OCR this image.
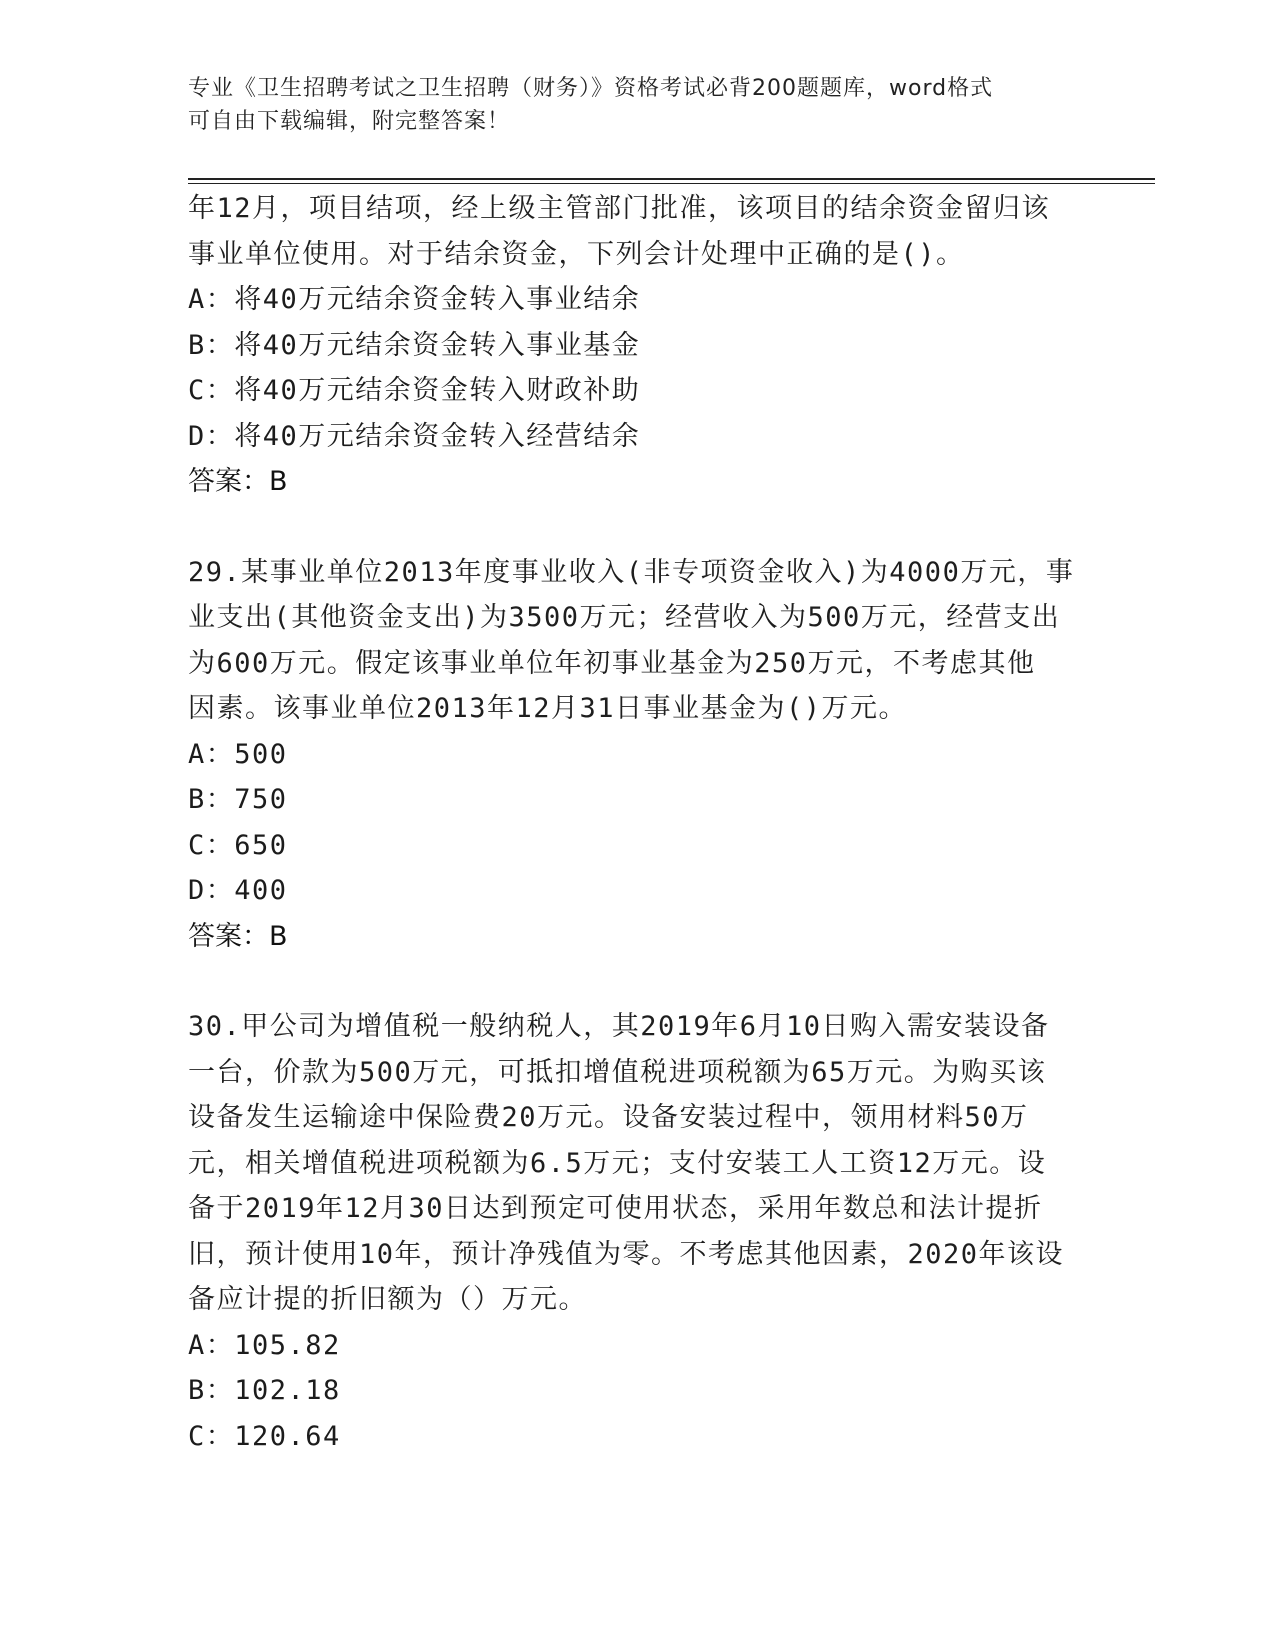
专业《卫生招聘考试之卫生招聘（财务）》资格考试必背200题题库，word格式
可自由下载编辑，附完整答案！
年12月，项目结项，经上级主管部门批准，该项目的结余资金留归该
事业单位使用。对于结余资金，下列会计处理中正确的是()。
A：将40万元结余资金转入事业结余
B：将40万元结余资金转入事业基金
C：将40万元结余资金转入财政补助
D：将40万元结余资金转入经营结余
答案：B
29.某事业单位2013年度事业收入(非专项资金收入)为4000万元，事
业支出(其他资金支出)为3500万元；经营收入为500万元，经营支出
为600万元。假定该事业单位年初事业基金为250万元，不考虑其他
因素。该事业单位2013年12月31日事业基金为()万元。
A：500
B：750
C：650
D：400
答案：B
30.甲公司为增值税一般纳税人，其2019年6月10日购入需安装设备
一台，价款为500万元，可抵扣增值税进项税额为65万元。为购买该
设备发生运输途中保险费20万元。设备安装过程中，领用材料50万
元，相关增值税进项税额为6.5万元；支付安装工人工资12万元。设
备于2019年12月30日达到预定可使用状态，采用年数总和法计提折
旧，预计使用10年，预计净残值为零。不考虑其他因素，2020年该设
备应计提的折旧额为（）万元。
A：105.82
B：102.18
C：120.64
